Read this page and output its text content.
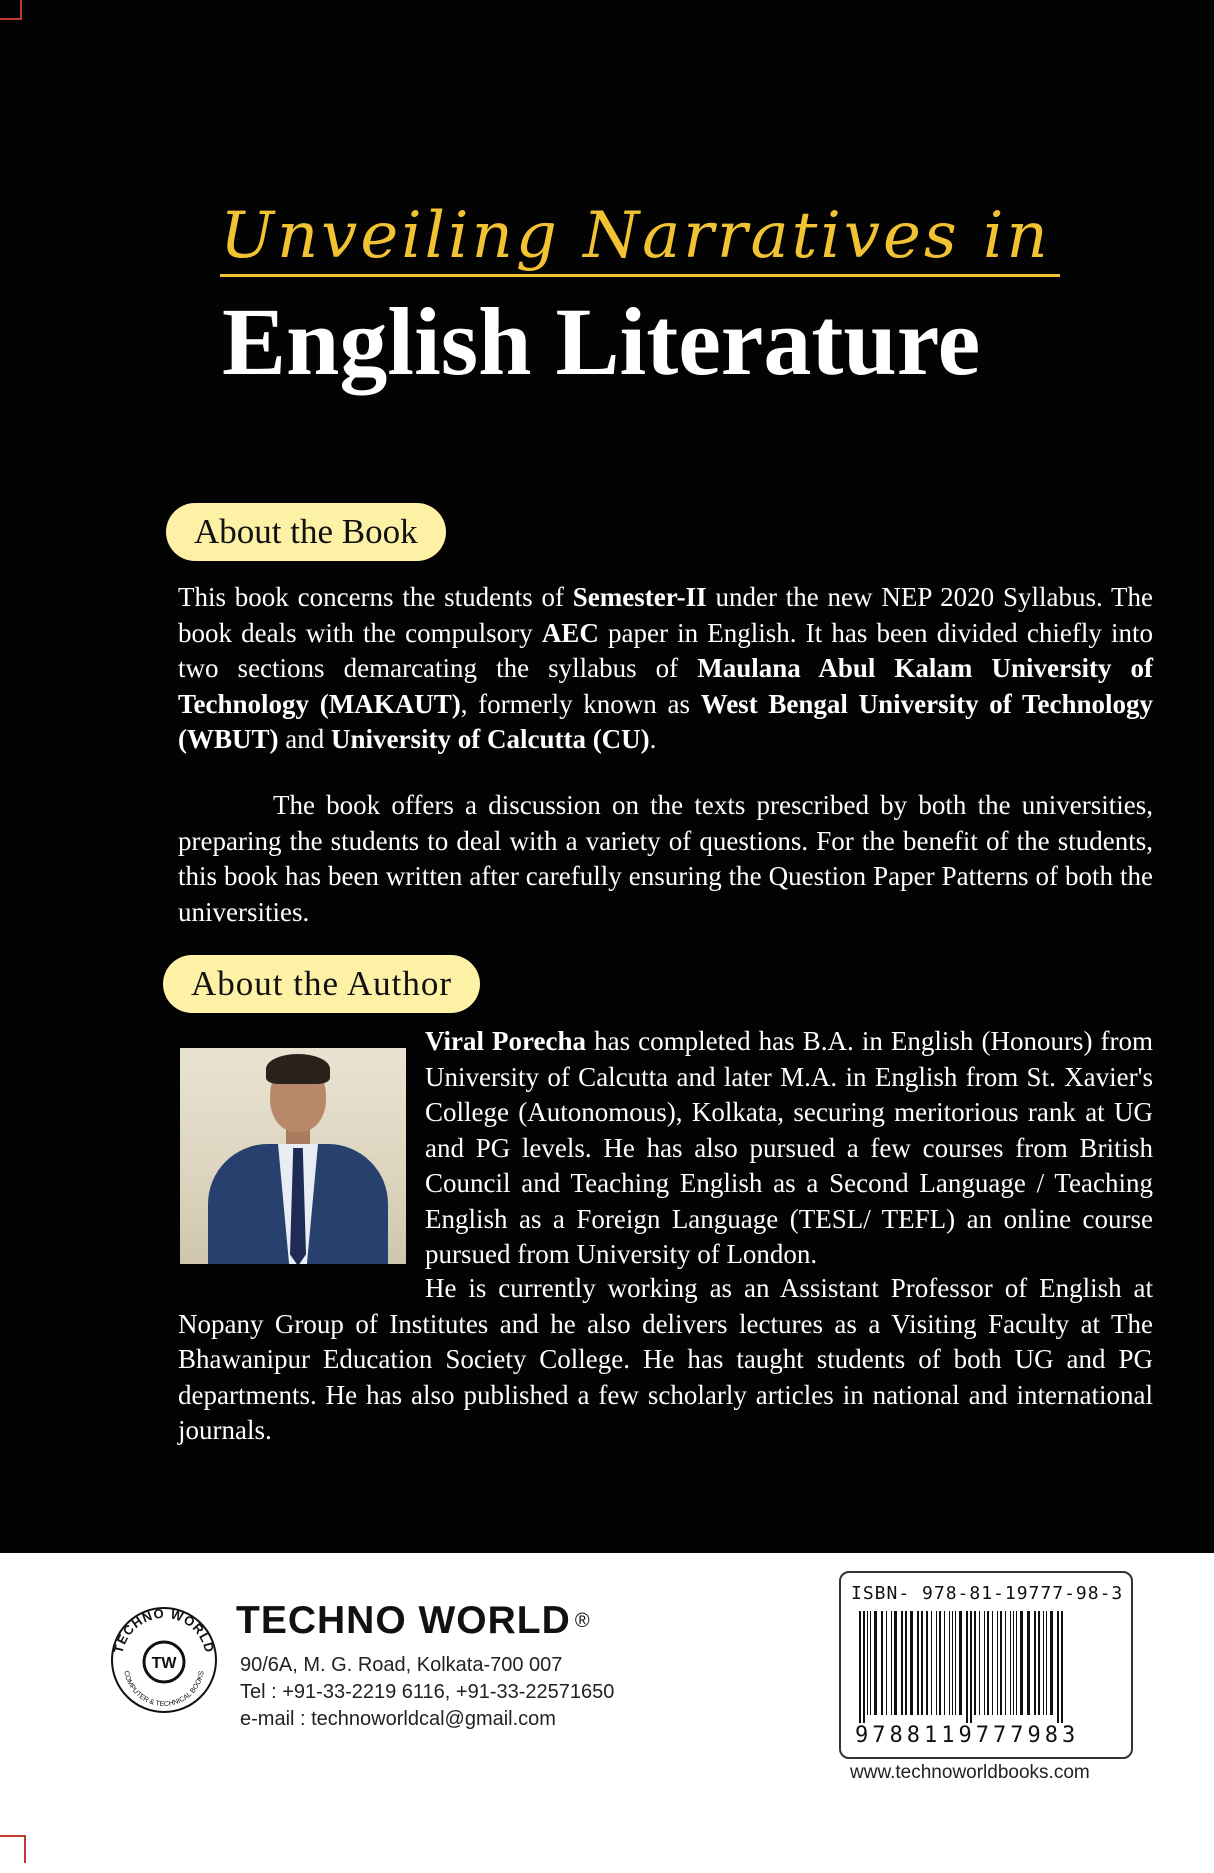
Unveiling Narratives in
English Literature
About the Book

This book concerns the students of Semester-II under the new NEP 2020 Syllabus. The book deals with the compulsory AEC paper in English. It has been divided chiefly into two sections demarcating the syllabus of Maulana Abul Kalam University of Technology (MAKAUT), formerly known as West Bengal University of Technology (WBUT) and University of Calcutta (CU).

The book offers a discussion on the texts prescribed by both the universities, preparing the students to deal with a variety of questions. For the benefit of the students, this book has been written after carefully ensuring the Question Paper Patterns of both the universities.

About the Author

Viral Porecha has completed has B.A. in English (Honours) from University of Calcutta and later M.A. in English from St. Xavier's College (Autonomous), Kolkata, securing meritorious rank at UG and PG levels. He has also pursued a few courses from British Council and Teaching English as a Second Language / Teaching English as a Foreign Language (TESL/ TEFL) an online course pursued from University of London.

He is currently working as an Assistant Professor of English at Nopany Group of Institutes and he also delivers lectures as a Visiting Faculty at The Bhawanipur Education Society College. He has taught students of both UG and PG departments. He has also published a few scholarly articles in national and international journals.

TECHNO WORLD
COMPUTER & TECHNICAL BOOKS
TW
TECHNO WORLD ®
90/6A, M. G. Road, Kolkata-700 007
Tel : +91-33-2219 6116, +91-33-22571650
e-mail : technoworldcal@gmail.com
ISBN- 978-81-19777-98-3
9788119777983
www.technoworldbooks.com
